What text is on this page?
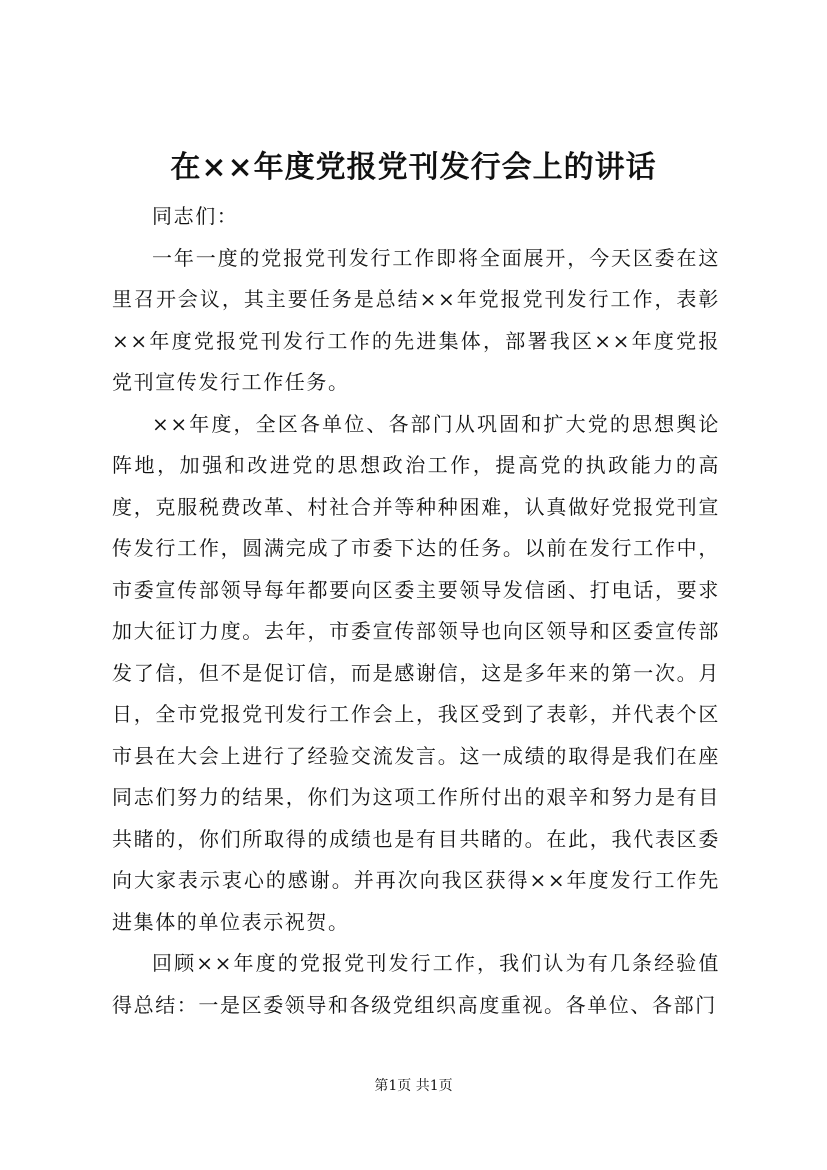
在××年度党报党刊发行会上的讲话

同志们：

一年一度的党报党刊发行工作即将全面展开，今天区委在这里召开会议，其主要任务是总结××年党报党刊发行工作，表彰××年度党报党刊发行工作的先进集体，部署我区××年度党报党刊宣传发行工作任务。

××年度，全区各单位、各部门从巩固和扩大党的思想舆论阵地，加强和改进党的思想政治工作，提高党的执政能力的高度，克服税费改革、村社合并等种种困难，认真做好党报党刊宣传发行工作，圆满完成了市委下达的任务。以前在发行工作中，市委宣传部领导每年都要向区委主要领导发信函、打电话，要求加大征订力度。去年，市委宣传部领导也向区领导和区委宣传部发了信，但不是促订信，而是感谢信，这是多年来的第一次。月日，全市党报党刊发行工作会上，我区受到了表彰，并代表个区市县在大会上进行了经验交流发言。这一成绩的取得是我们在座同志们努力的结果，你们为这项工作所付出的艰辛和努力是有目共睹的，你们所取得的成绩也是有目共睹的。在此，我代表区委向大家表示衷心的感谢。并再次向我区获得××年度发行工作先进集体的单位表示祝贺。

回顾××年度的党报党刊发行工作，我们认为有几条经验值得总结：一是区委领导和各级党组织高度重视。各单位、各部门

第1页 共1页
